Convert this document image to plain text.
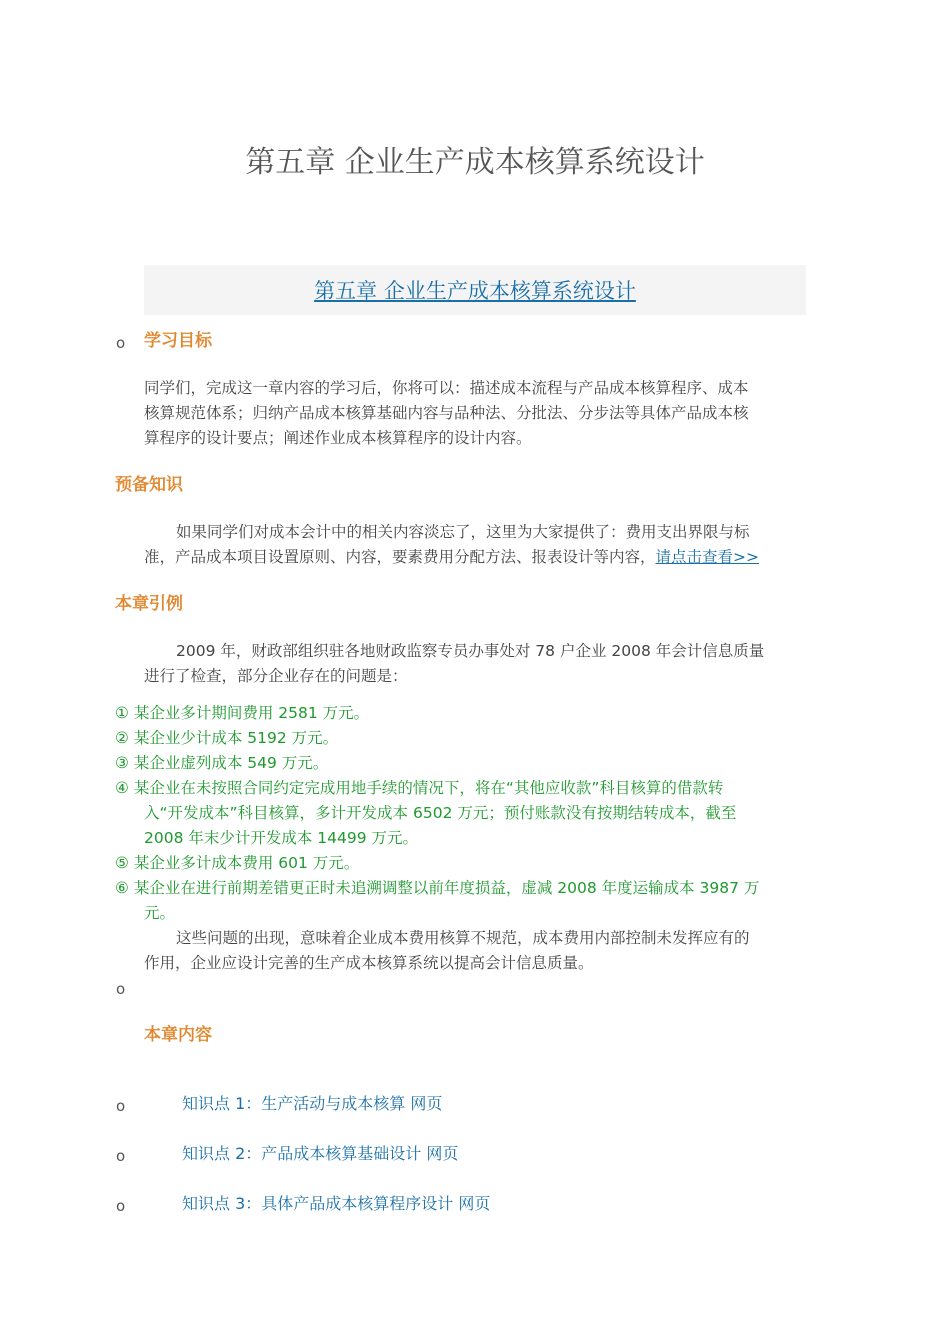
第五章 企业生产成本核算系统设计
第五章 企业生产成本核算系统设计
o 学习目标
同学们，完成这一章内容的学习后，你将可以：描述成本流程与产品成本核算程序、成本
核算规范体系；归纳产品成本核算基础内容与品种法、分批法、分步法等具体产品成本核
算程序的设计要点；阐述作业成本核算程序的设计内容。
预备知识
如果同学们对成本会计中的相关内容淡忘了，这里为大家提供了：费用支出界限与标
准，产品成本项目设置原则、内容，要素费用分配方法、报表设计等内容，请点击查看>>
本章引例
2009 年，财政部组织驻各地财政监察专员办事处对 78 户企业 2008 年会计信息质量
进行了检查，部分企业存在的问题是：
① 某企业多计期间费用 2581 万元。
② 某企业少计成本 5192 万元。
③ 某企业虚列成本 549 万元。
④ 某企业在未按照合同约定完成用地手续的情况下，将在“其他应收款”科目核算的借款转
入“开发成本”科目核算，多计开发成本 6502 万元；预付账款没有按期结转成本，截至
2008 年末少计开发成本 14499 万元。
⑤ 某企业多计成本费用 601 万元。
⑥ 某企业在进行前期差错更正时未追溯调整以前年度损益，虚减 2008 年度运输成本 3987 万
元。
这些问题的出现，意味着企业成本费用核算不规范，成本费用内部控制未发挥应有的
作用，企业应设计完善的生产成本核算系统以提高会计信息质量。
o
本章内容
o	知识点 1：生产活动与成本核算 网页
o	知识点 2：产品成本核算基础设计 网页
o	知识点 3：具体产品成本核算程序设计 网页
